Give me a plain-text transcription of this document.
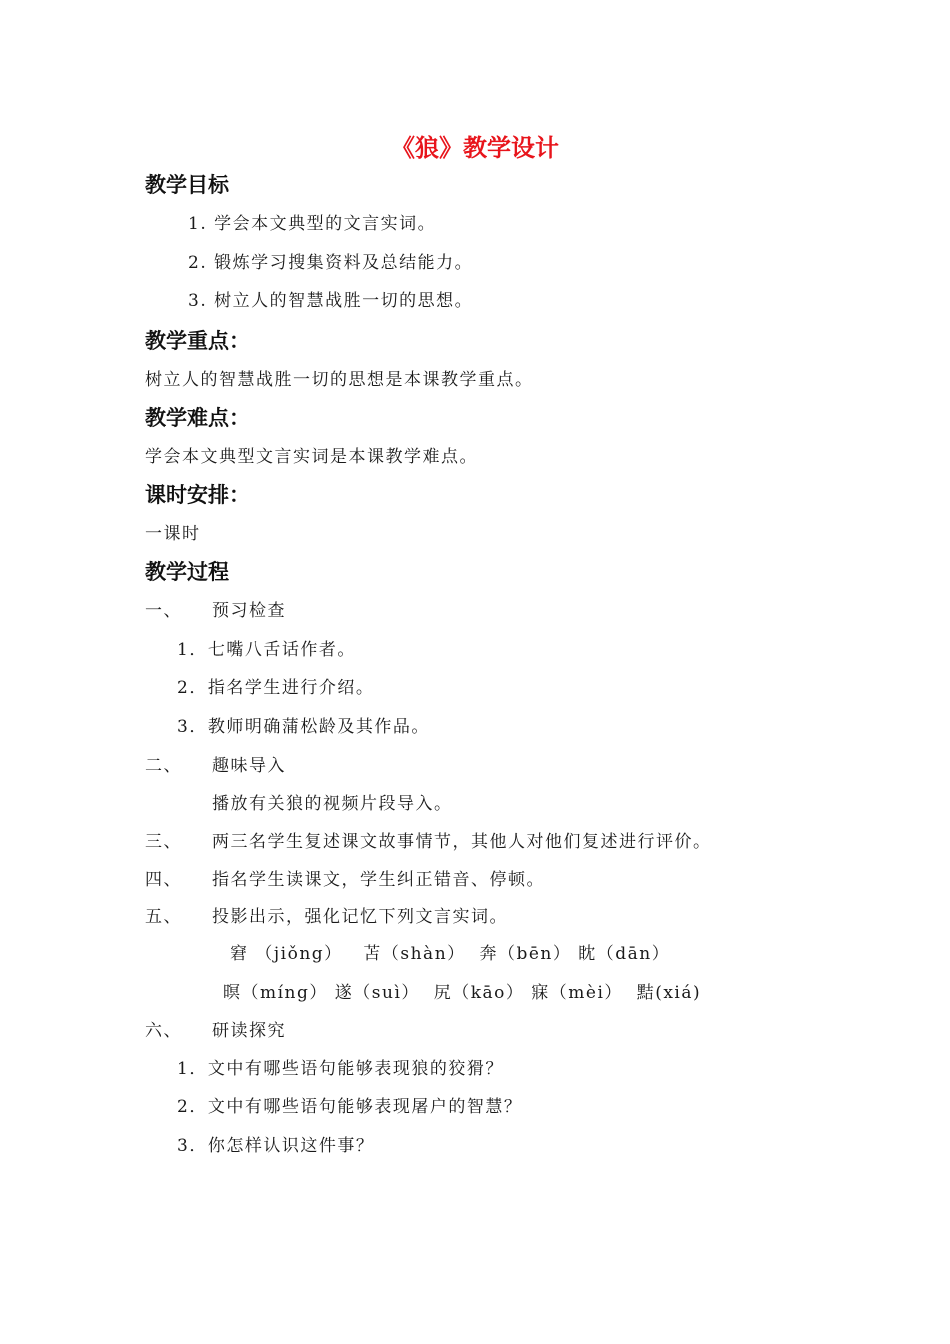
《狼》教学设计
教学目标
1. 学会本文典型的文言实词。
2. 锻炼学习搜集资料及总结能力。
3. 树立人的智慧战胜一切的思想。
教学重点：
树立人的智慧战胜一切的思想是本课教学重点。
教学难点：
学会本文典型文言实词是本课教学难点。
课时安排：
一课时
教学过程
一、 预习检查
1．七嘴八舌话作者。
2．指名学生进行介绍。
3．教师明确蒲松龄及其作品。
二、 趣味导入
播放有关狼的视频片段导入。
三、 两三名学生复述课文故事情节，其他人对他们复述进行评价。
四、 指名学生读课文，学生纠正错音、停顿。
五、 投影出示，强化记忆下列文言实词。
窘 （jiǒng）   苫（shàn）  奔（bēn） 眈（dān）
暝（míng） 遂（suì）  尻（kāo） 寐（mèi）  黠(xiá)
六、 研读探究
1．文中有哪些语句能够表现狼的狡猾？
2．文中有哪些语句能够表现屠户的智慧？
3．你怎样认识这件事？
